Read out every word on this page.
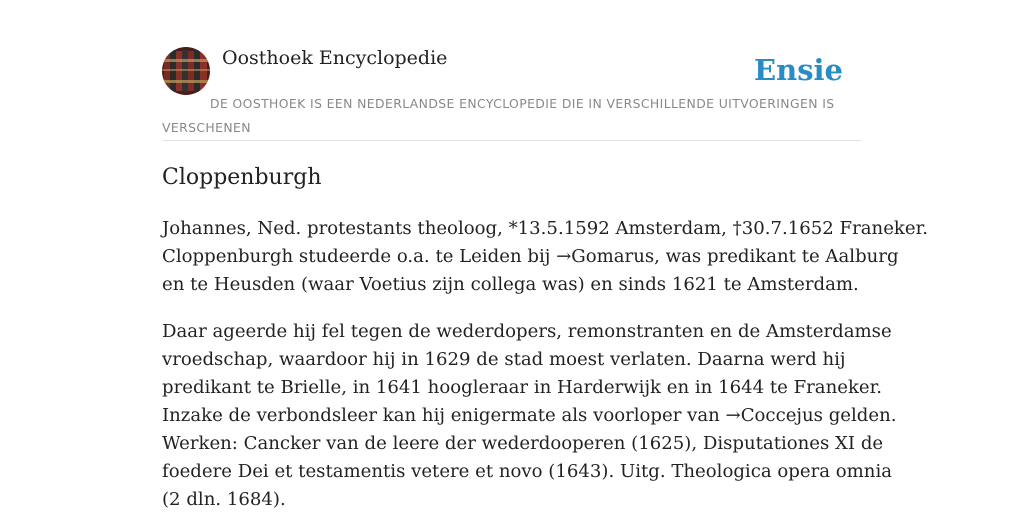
Oosthoek Encyclopedie	Ensie

DE OOSTHOEK IS EEN NEDERLANDSE ENCYCLOPEDIE DIE IN VERSCHILLENDE UITVOERINGEN IS VERSCHENEN

Cloppenburgh

Johannes, Ned. protestants theoloog, *13.5.1592 Amsterdam, †30.7.1652 Franeker.
Cloppenburgh studeerde o.a. te Leiden bij →Gomarus, was predikant te Aalburg
en te Heusden (waar Voetius zijn collega was) en sinds 1621 te Amsterdam.

Daar ageerde hij fel tegen de wederdopers, remonstranten en de Amsterdamse
vroedschap, waardoor hij in 1629 de stad moest verlaten. Daarna werd hij
predikant te Brielle, in 1641 hoogleraar in Harderwijk en in 1644 te Franeker.
Inzake de verbondsleer kan hij enigermate als voorloper van →Coccejus gelden.
Werken: Cancker van de leere der wederdooperen (1625), Disputationes XI de
foedere Dei et testamentis vetere et novo (1643). Uitg. Theologica opera omnia
(2 dln. 1684).
